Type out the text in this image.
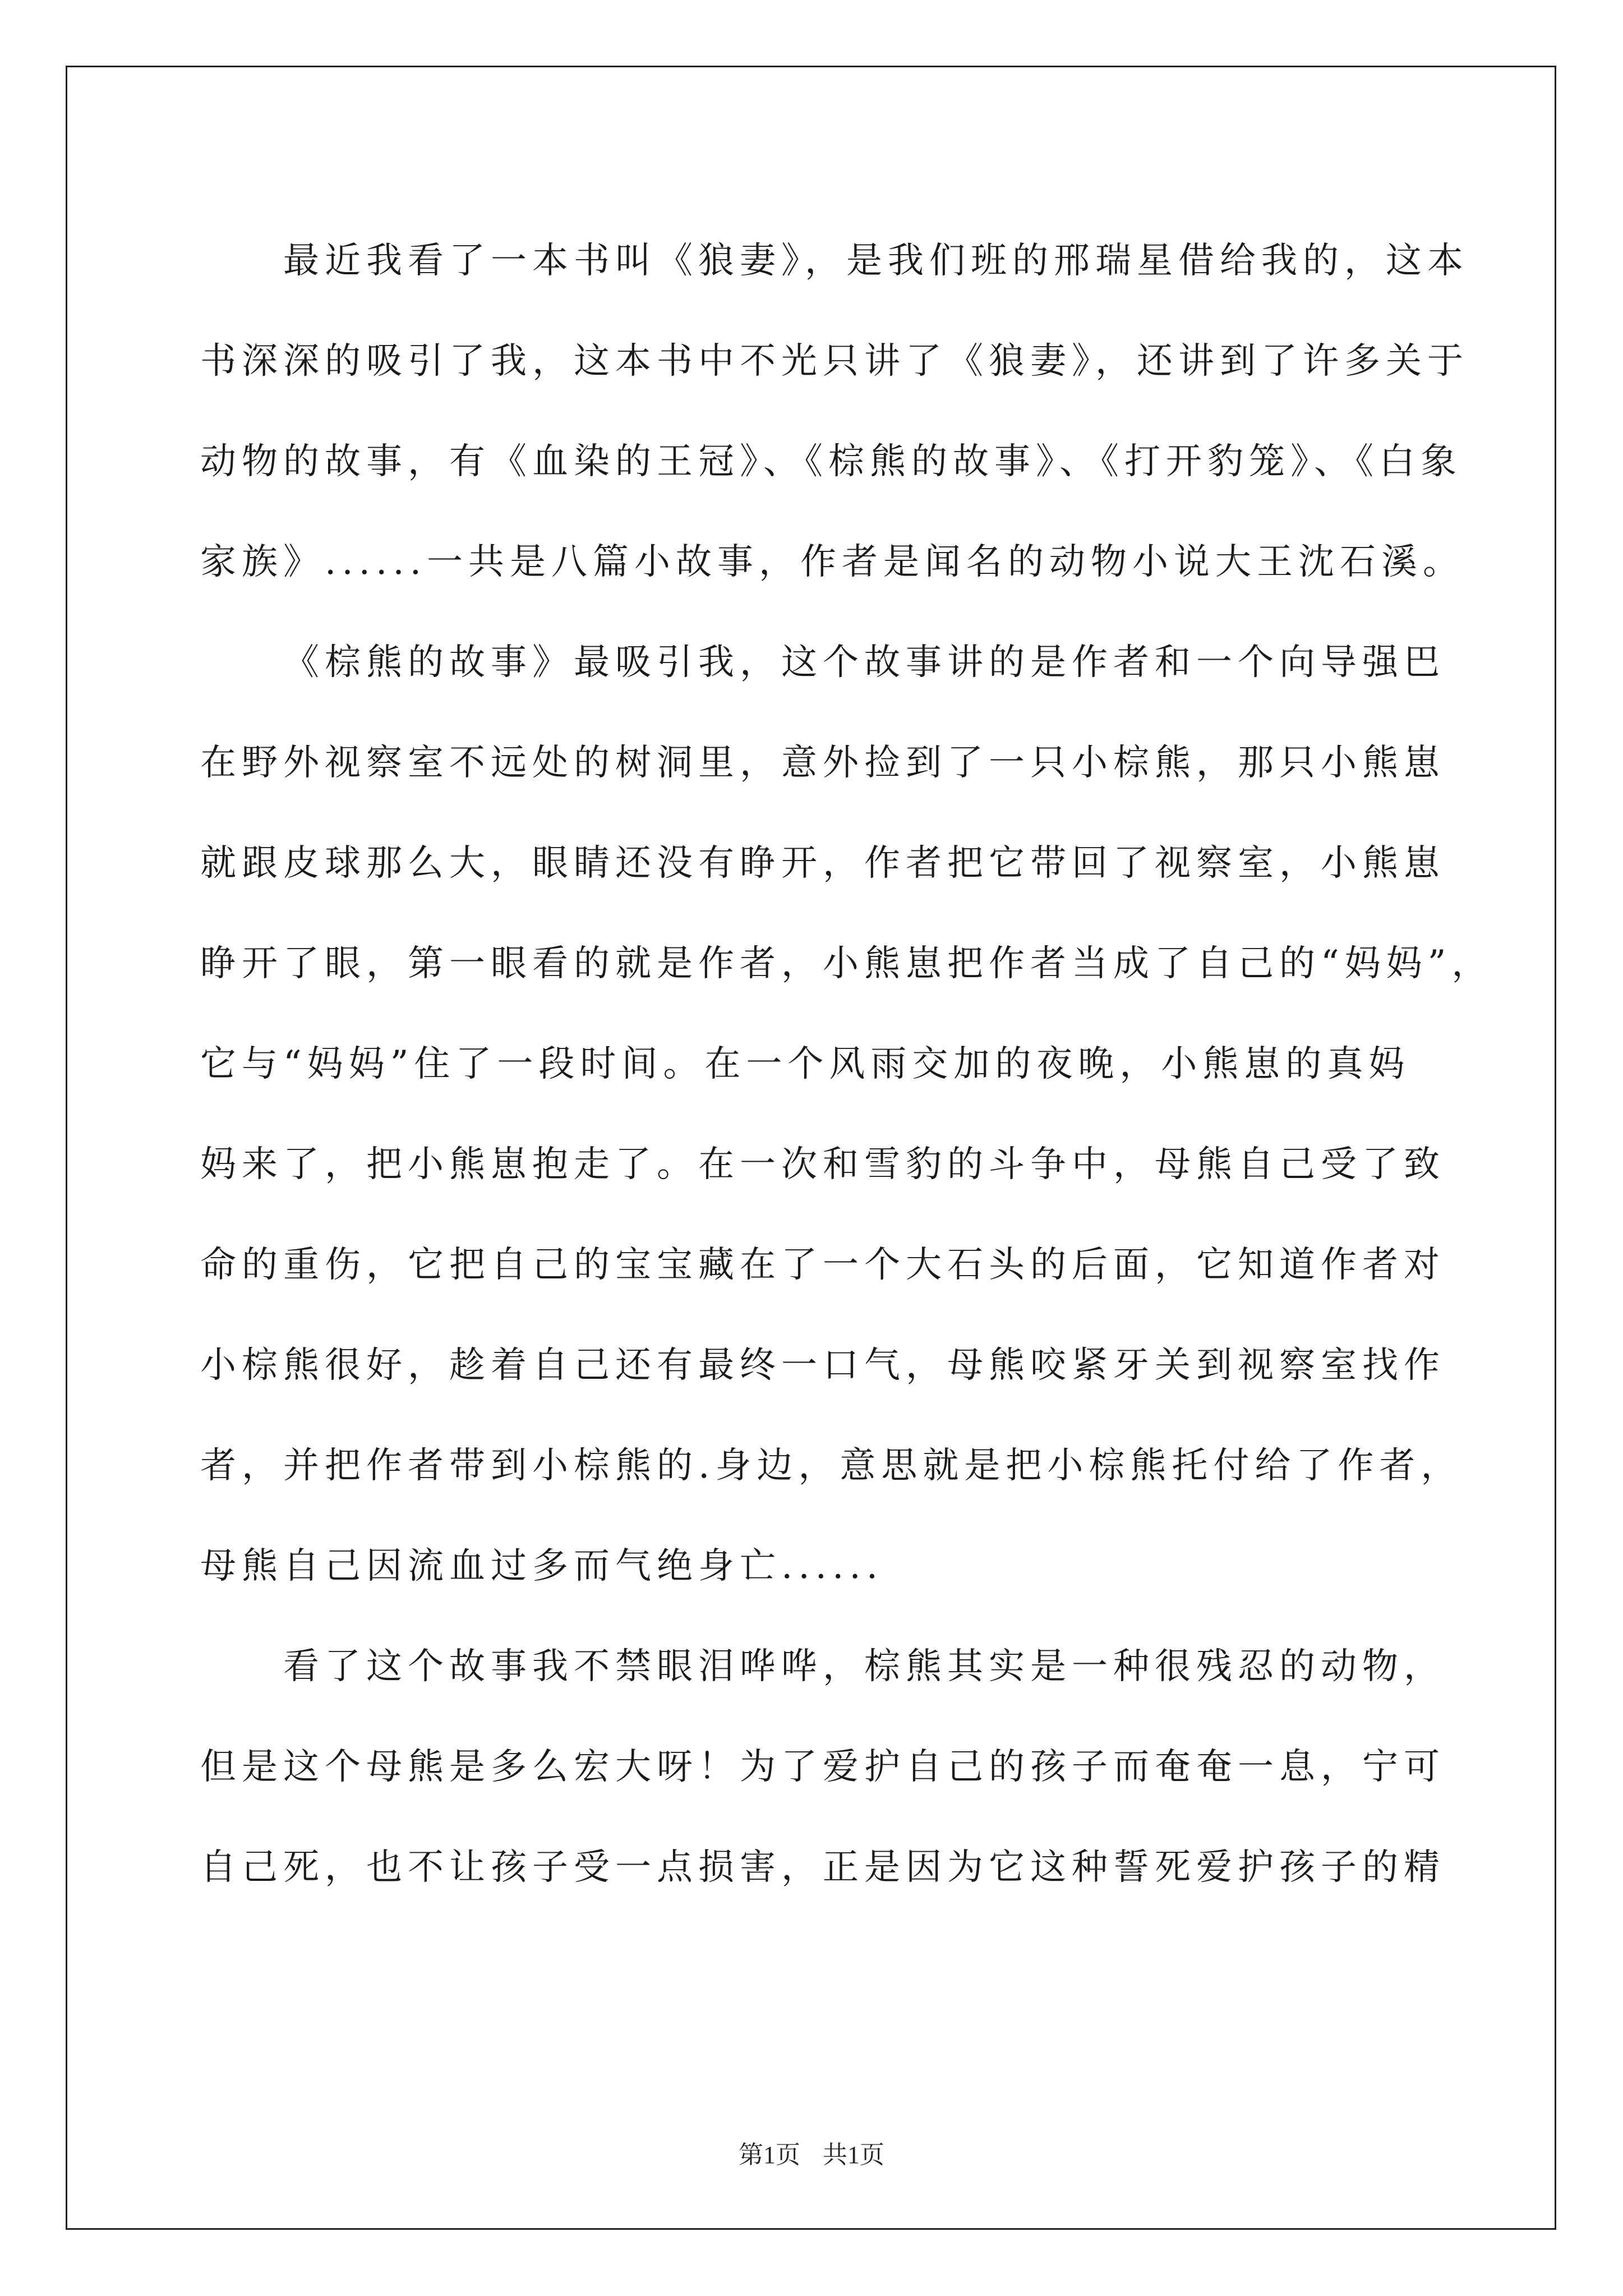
最近我看了一本书叫《狼妻》，是我们班的邢瑞星借给我的，这本
书深深的吸引了我，这本书中不光只讲了《狼妻》，还讲到了许多关于
动物的故事，有《血染的王冠》、《棕熊的故事》、《打开豹笼》、《白象
家族》......一共是八篇小故事，作者是闻名的动物小说大王沈石溪。
《棕熊的故事》最吸引我，这个故事讲的是作者和一个向导强巴
在野外视察室不远处的树洞里，意外捡到了一只小棕熊，那只小熊崽
就跟皮球那么大，眼睛还没有睁开，作者把它带回了视察室，小熊崽
睁开了眼，第一眼看的就是作者，小熊崽把作者当成了自己的“妈妈”，
它与“妈妈”住了一段时间。在一个风雨交加的夜晚，小熊崽的真妈
妈来了，把小熊崽抱走了。在一次和雪豹的斗争中，母熊自己受了致
命的重伤，它把自己的宝宝藏在了一个大石头的后面，它知道作者对
小棕熊很好，趁着自己还有最终一口气，母熊咬紧牙关到视察室找作
者，并把作者带到小棕熊的.身边，意思就是把小棕熊托付给了作者，
母熊自己因流血过多而气绝身亡......
看了这个故事我不禁眼泪哗哗，棕熊其实是一种很残忍的动物，
但是这个母熊是多么宏大呀！为了爱护自己的孩子而奄奄一息，宁可
自己死，也不让孩子受一点损害，正是因为它这种誓死爱护孩子的精
第1页 共1页
